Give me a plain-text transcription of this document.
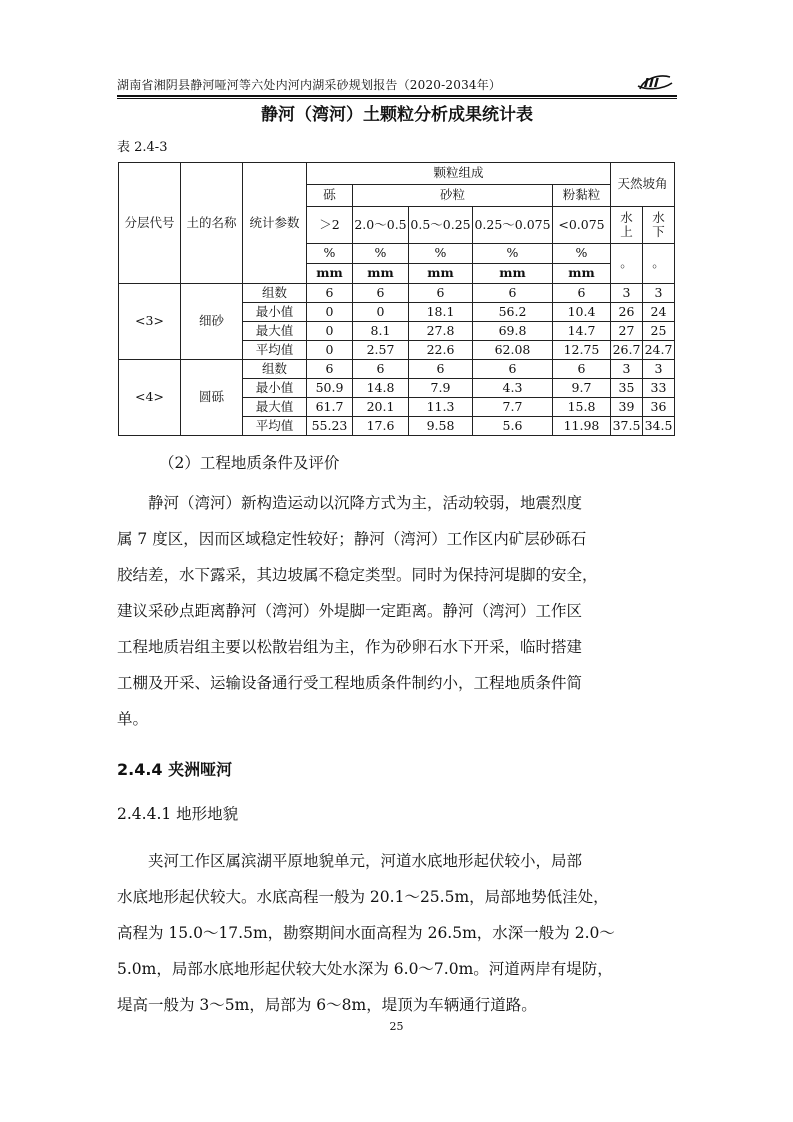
湖南省湘阴县静河哑河等六处内河内湖采砂规划报告（2020-2034年）
静河（湾河）土颗粒分析成果统计表
表 2.4-3
分层代号	土的名称	统计参数	颗粒组成					天然坡角	
			砾	砂粒			粉黏粒		
			＞2	2.0～0.5	0.5～0.25	0.25～0.075	<0.075	水上	水下
			%	%	%	%	%	。	。
			mm	mm	mm	mm	mm		
<3>	细砂	组数	6	6	6	6	6	3	3
		最小值	0	0	18.1	56.2	10.4	26	24
		最大值	0	8.1	27.8	69.8	14.7	27	25
		平均值	0	2.57	22.6	62.08	12.75	26.7	24.7
<4>	圆砾	组数	6	6	6	6	6	3	3
		最小值	50.9	14.8	7.9	4.3	9.7	35	33
		最大值	61.7	20.1	11.3	7.7	15.8	39	36
		平均值	55.23	17.6	9.58	5.6	11.98	37.5	34.5
（2）工程地质条件及评价
静河（湾河）新构造运动以沉降方式为主，活动较弱，地震烈度
属 7 度区，因而区域稳定性较好；静河（湾河）工作区内矿层砂砾石
胶结差，水下露采，其边坡属不稳定类型。同时为保持河堤脚的安全，
建议采砂点距离静河（湾河）外堤脚一定距离。静河（湾河）工作区
工程地质岩组主要以松散岩组为主，作为砂卵石水下开采，临时搭建
工棚及开采、运输设备通行受工程地质条件制约小，工程地质条件简
单。
2.4.4 夹洲哑河
2.4.4.1 地形地貌
夹河工作区属滨湖平原地貌单元，河道水底地形起伏较小，局部
水底地形起伏较大。水底高程一般为 20.1～25.5m，局部地势低洼处，
高程为 15.0～17.5m，勘察期间水面高程为 26.5m，水深一般为 2.0～
5.0m，局部水底地形起伏较大处水深为 6.0～7.0m。河道两岸有堤防，
堤高一般为 3～5m，局部为 6～8m，堤顶为车辆通行道路。
25
